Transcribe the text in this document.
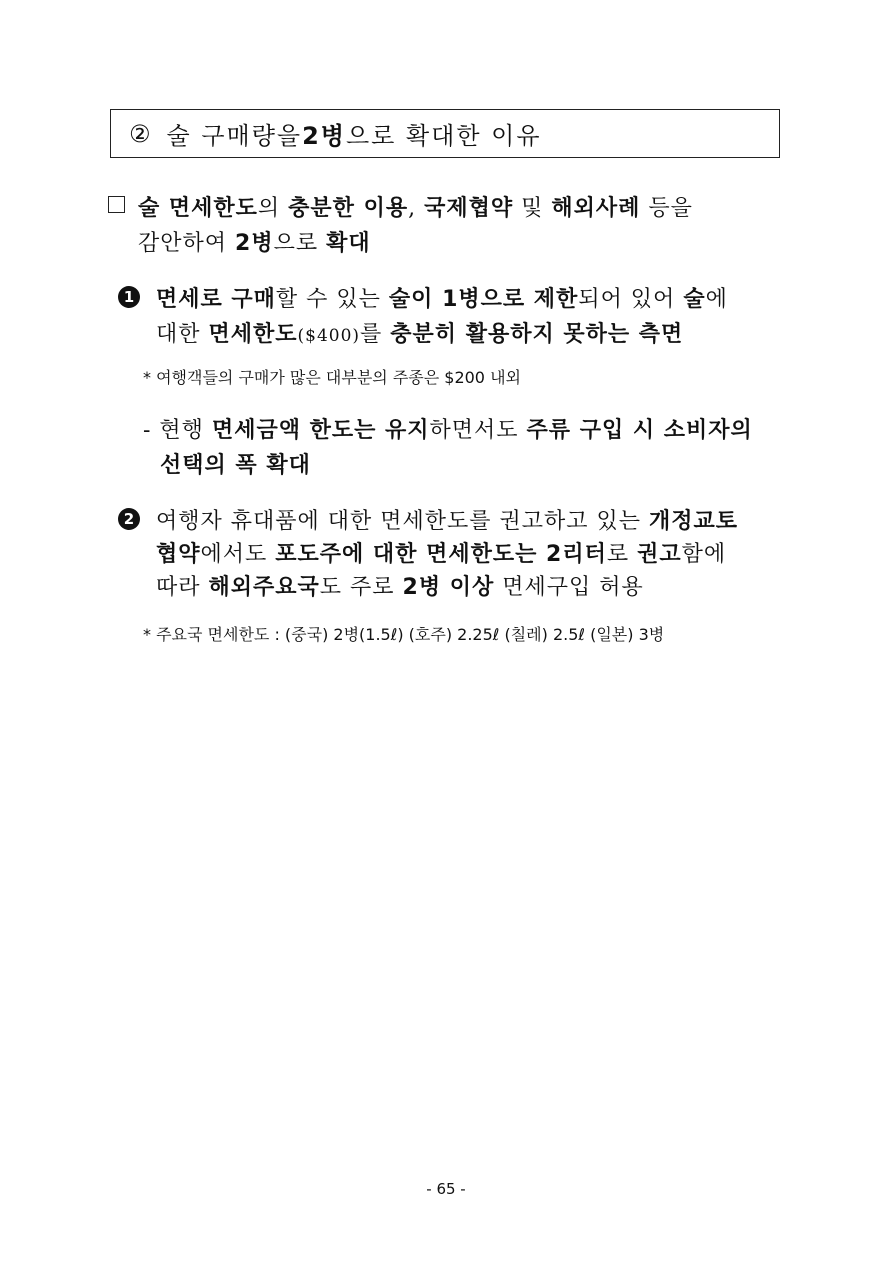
② 술 구매량을 2병 으로 확대한 이유
술 면세한도의 충분한 이용, 국제협약 및 해외사례 등을
감안하여 2병으로 확대
1 면세로 구매할 수 있는 술이 1병으로 제한되어 있어 술에
대한 면세한도($400)를 충분히 활용하지 못하는 측면
* 여행객들의 구매가 많은 대부분의 주종은 $200 내외
- 현행 면세금액 한도는 유지하면서도 주류 구입 시 소비자의
선택의 폭 확대
2 여행자 휴대품에 대한 면세한도를 권고하고 있는 개정교토
협약에서도 포도주에 대한 면세한도는 2리터로 권고함에
따라 해외주요국도 주로 2병 이상 면세구입 허용
* 주요국 면세한도 : (중국) 2병(1.5ℓ) (호주) 2.25ℓ (칠레) 2.5ℓ (일본) 3병
- 65 -
